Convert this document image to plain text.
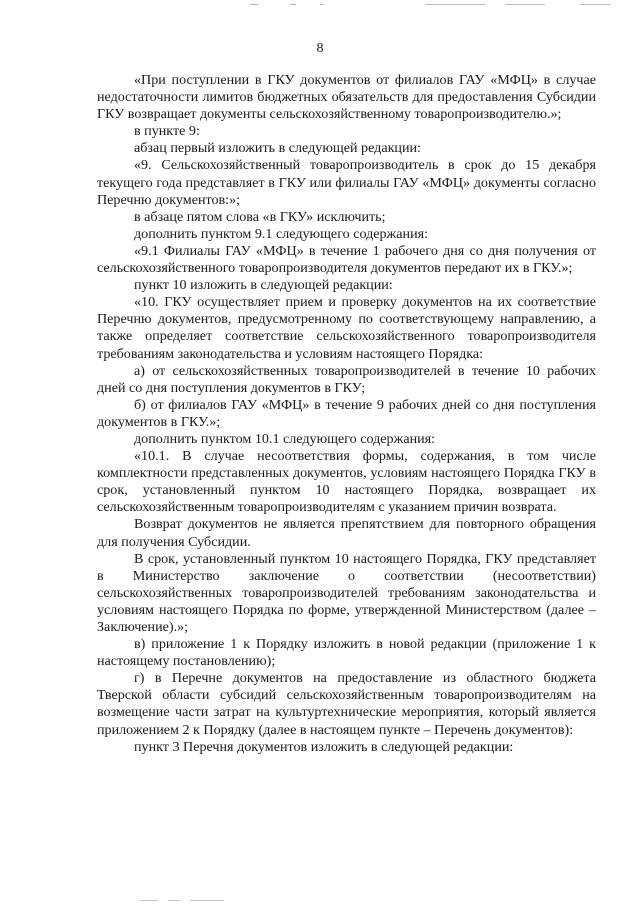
8

«При поступлении в ГКУ документов от филиалов ГАУ «МФЦ» в случае недостаточности лимитов бюджетных обязательств для предоставления Субсидии ГКУ возвращает документы сельскохозяйственному товаропроизводителю.»;

в пункте 9:

абзац первый изложить в следующей редакции:

«9. Сельскохозяйственный товаропроизводитель в срок до 15 декабря текущего года представляет в ГКУ или филиалы ГАУ «МФЦ» документы согласно Перечню документов:»;

в абзаце пятом слова «в ГКУ» исключить;

дополнить пунктом 9.1 следующего содержания:

«9.1 Филиалы ГАУ «МФЦ» в течение 1 рабочего дня со дня получения от сельскохозяйственного товаропроизводителя документов передают их в ГКУ.»;

пункт 10 изложить в следующей редакции:

«10. ГКУ осуществляет прием и проверку документов на их соответствие Перечню документов, предусмотренному по соответствующему направлению, а также определяет соответствие сельскохозяйственного товаропроизводителя требованиям законодательства и условиям настоящего Порядка:

а) от сельскохозяйственных товаропроизводителей в течение 10 рабочих дней со дня поступления документов в ГКУ;

б) от филиалов ГАУ «МФЦ» в течение 9 рабочих дней со дня поступления документов в ГКУ.»;

дополнить пунктом 10.1 следующего содержания:

«10.1. В случае несоответствия формы, содержания, в том числе комплектности представленных документов, условиям настоящего Порядка ГКУ в срок, установленный пунктом 10 настоящего Порядка, возвращает их сельскохозяйственным товаропроизводителям с указанием причин возврата.

Возврат документов не является препятствием для повторного обращения для получения Субсидии.

В срок, установленный пунктом 10 настоящего Порядка, ГКУ представляет в Министерство заключение о соответствии (несоответствии) сельскохозяйственных товаропроизводителей требованиям законодательства и условиям настоящего Порядка по форме, утвержденной Министерством (далее – Заключение).»;

в) приложение 1 к Порядку изложить в новой редакции (приложение 1 к настоящему постановлению);

г) в Перечне документов на предоставление из областного бюджета Тверской области субсидий сельскохозяйственным товаропроизводителям на возмещение части затрат на культуртехнические мероприятия, который является приложением 2 к Порядку (далее в настоящем пункте – Перечень документов):

пункт 3 Перечня документов изложить в следующей редакции:
